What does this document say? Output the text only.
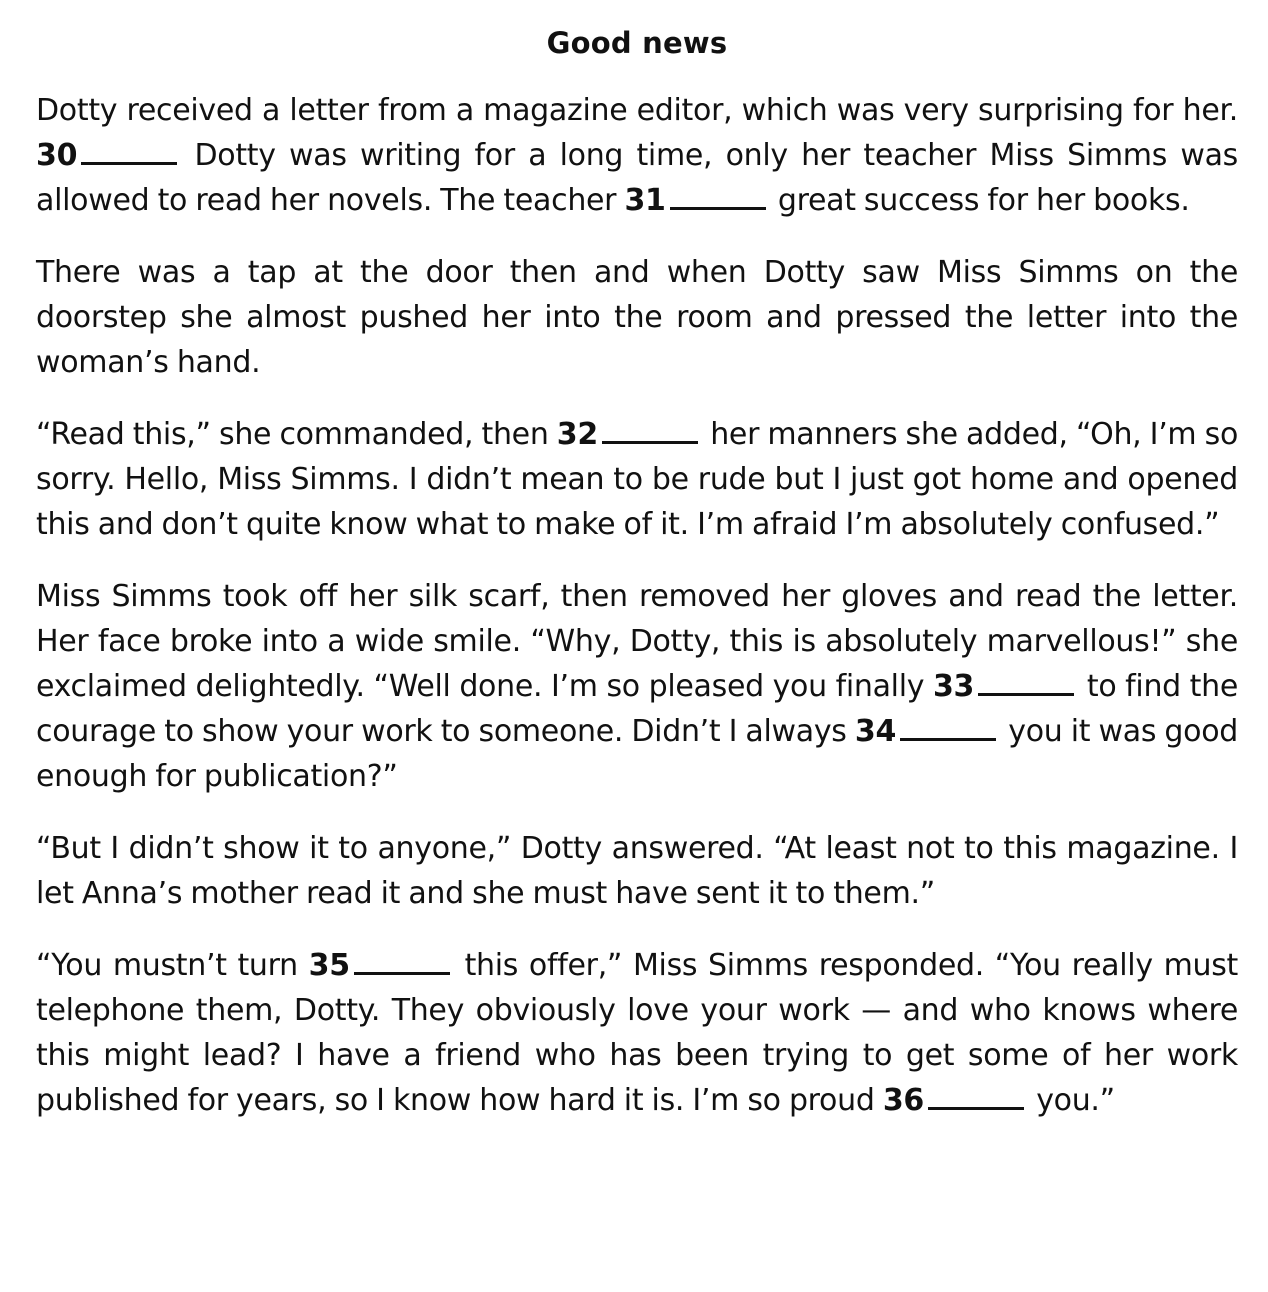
Good news

Dotty received a letter from a magazine editor, which was very surprising for her. 30	Dotty was writing for a long time, only her teacher Miss Simms was allowed to read her novels. The teacher 31	great success for her books.

There was a tap at the door then and when Dotty saw Miss Simms on the doorstep she almost pushed her into the room and pressed the letter into the woman’s hand.

“Read this,” she commanded, then 32	her manners she added, “Oh, I’m so sorry. Hello, Miss Simms. I didn’t mean to be rude but I just got home and opened this and don’t quite know what to make of it. I’m afraid I’m absolutely confused.”

Miss Simms took off her silk scarf, then removed her gloves and read the letter. Her face broke into a wide smile. “Why, Dotty, this is absolutely marvellous!” she exclaimed delightedly. “Well done. I’m so pleased you finally 33	to find the courage to show your work to someone. Didn’t I always 34	you it was good enough for publication?”

“But I didn’t show it to anyone,” Dotty answered. “At least not to this magazine. I let Anna’s mother read it and she must have sent it to them.”

“You mustn’t turn 35	this offer,” Miss Simms responded. “You really must telephone them, Dotty. They obviously love your work — and who knows where this might lead? I have a friend who has been trying to get some of her work published for years, so I know how hard it is. I’m so proud 36	you.”
